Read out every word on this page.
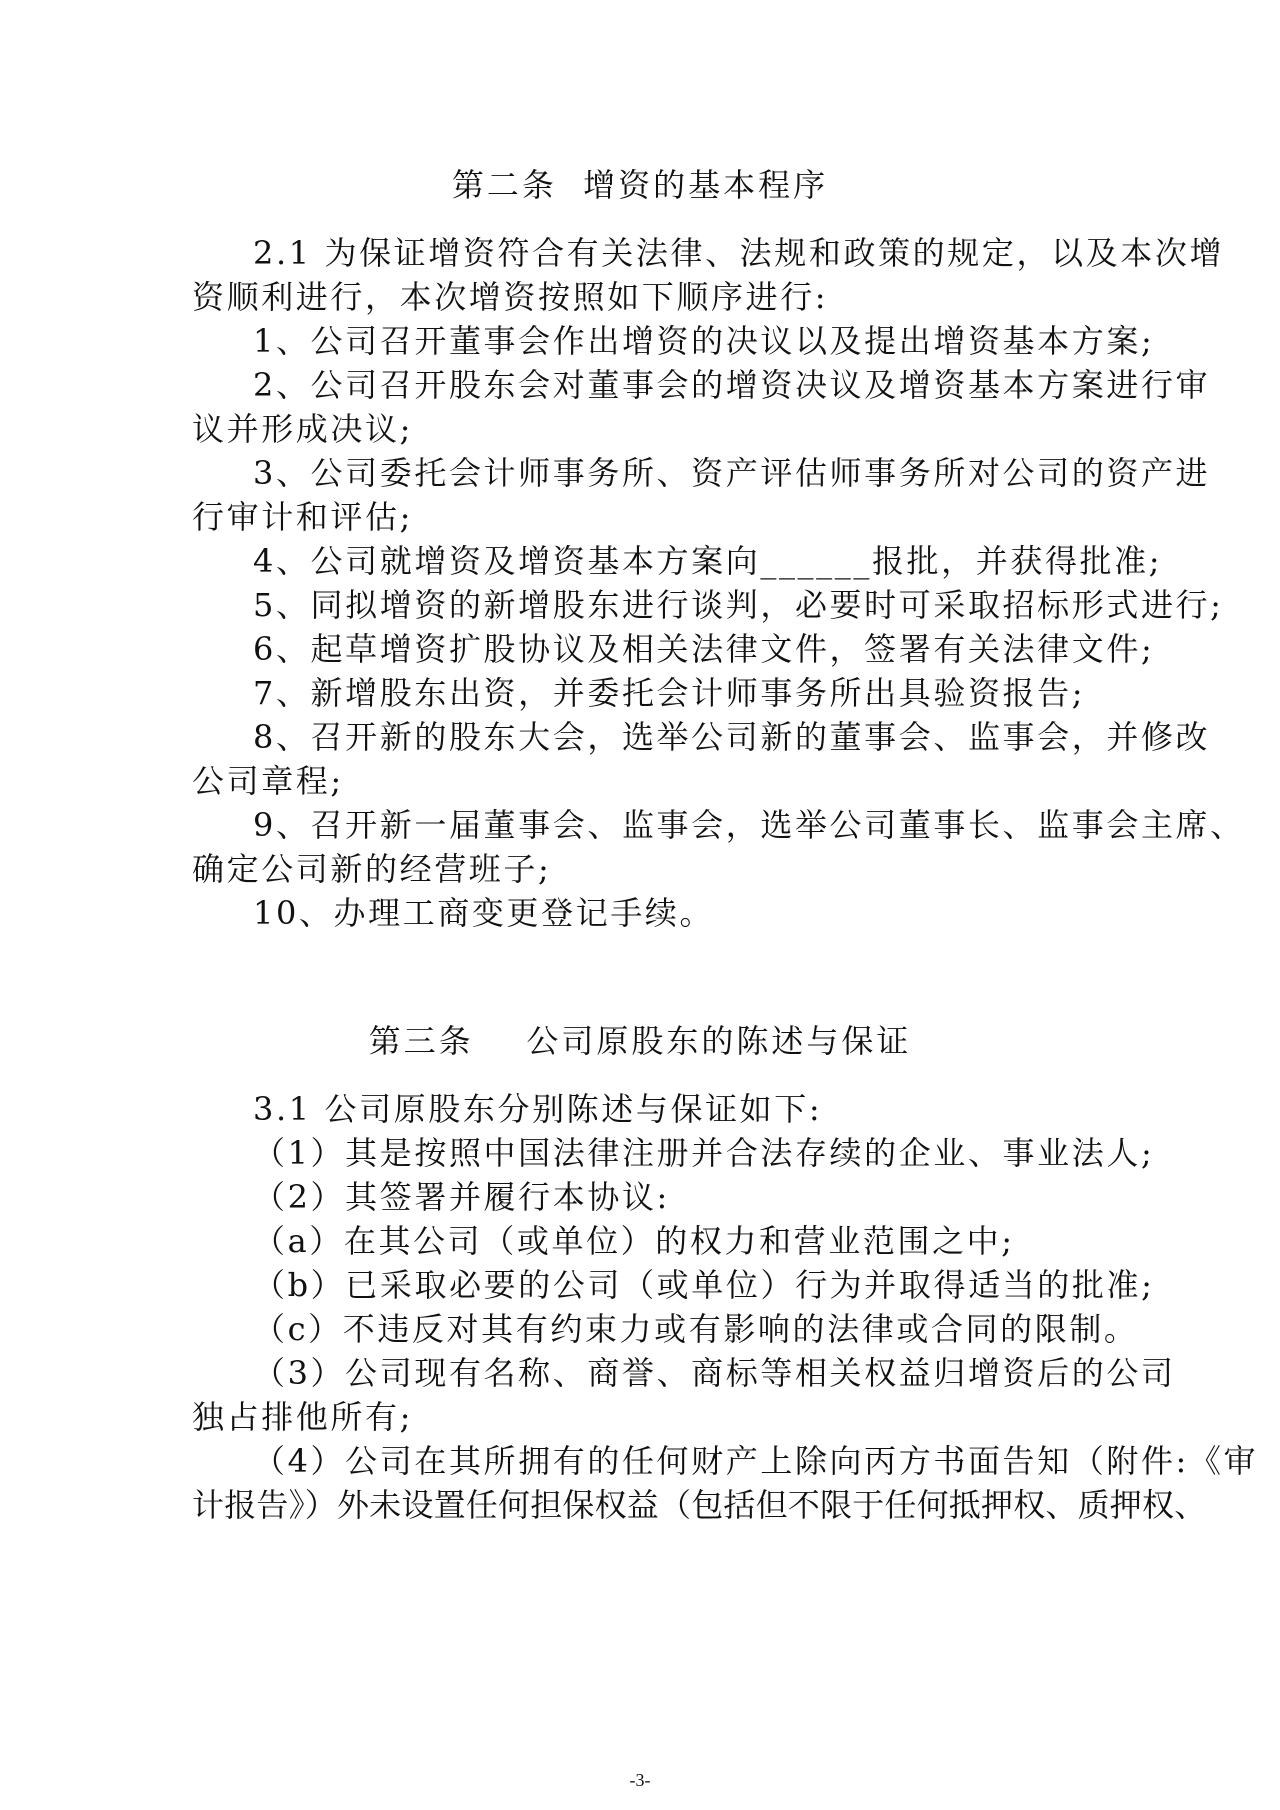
第二条  增资的基本程序
2.1 为保证增资符合有关法律、法规和政策的规定，以及本次增
资顺利进行，本次增资按照如下顺序进行:
1、公司召开董事会作出增资的决议以及提出增资基本方案;
2、公司召开股东会对董事会的增资决议及增资基本方案进行审
议并形成决议;
3、公司委托会计师事务所、资产评估师事务所对公司的资产进
行审计和评估;
4、公司就增资及增资基本方案向______报批，并获得批准;
5、同拟增资的新增股东进行谈判，必要时可采取招标形式进行;
6、起草增资扩股协议及相关法律文件，签署有关法律文件;
7、新增股东出资，并委托会计师事务所出具验资报告;
8、召开新的股东大会，选举公司新的董事会、监事会，并修改
公司章程;
9、召开新一届董事会、监事会，选举公司董事长、监事会主席、
确定公司新的经营班子;
10、办理工商变更登记手续。
第三条    公司原股东的陈述与保证
3.1 公司原股东分别陈述与保证如下:
（1）其是按照中国法律注册并合法存续的企业、事业法人;
（2）其签署并履行本协议:
（a）在其公司（或单位）的权力和营业范围之中;
（b）已采取必要的公司（或单位）行为并取得适当的批准;
（c）不违反对其有约束力或有影响的法律或合同的限制。
（3）公司现有名称、商誉、商标等相关权益归增资后的公司
独占排他所有;
（4）公司在其所拥有的任何财产上除向丙方书面告知（附件:《审
计报告》）外未设置任何担保权益（包括但不限于任何抵押权、质押权、
-3-
